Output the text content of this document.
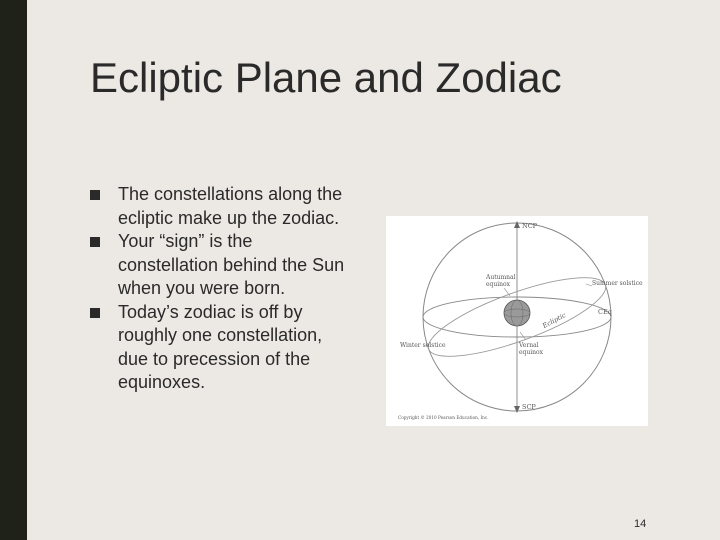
Ecliptic Plane and Zodiac
The constellations along the ecliptic make up the zodiac.
Your “sign” is the constellation behind the Sun when you were born.
Today’s zodiac is off by roughly one constellation, due to precession of the equinoxes.
NCP
SCP
Autumnal
equinox	Summer solstice
Ecliptic	CEq
Winter solstice	Vernal
equinox
Copyright © 2010 Pearson Education, Inc.
14
